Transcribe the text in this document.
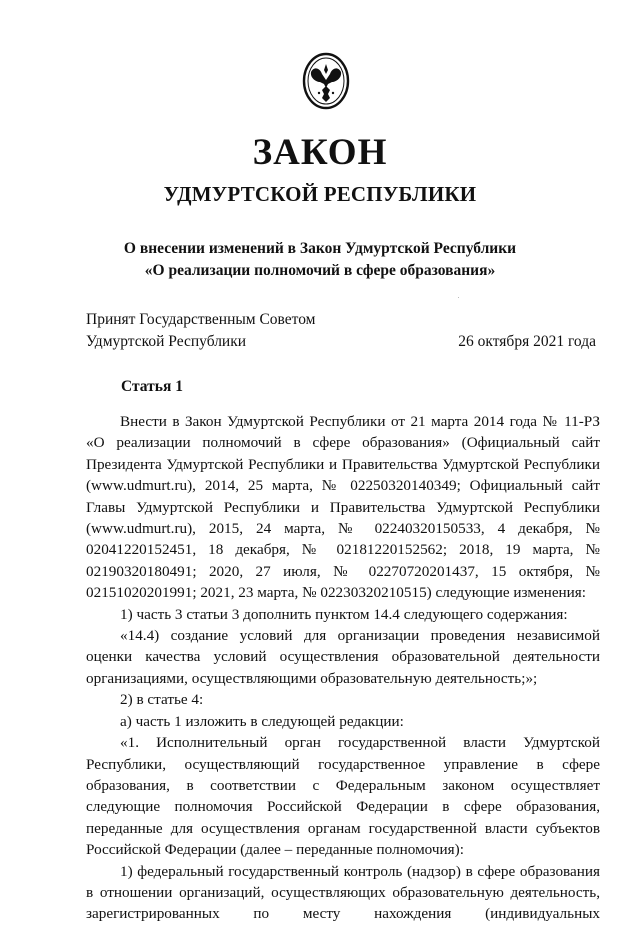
ЗАКОН
УДМУРТСКОЙ РЕСПУБЛИКИ
О внесении изменений в Закон Удмуртской Республики
«О реализации полномочий в сфере образования»
Принят Государственным Советом
Удмуртской Республики	26 октября 2021 года
Статья 1

Внести в Закон Удмуртской Республики от 21 марта 2014 года № 11-РЗ «О реализации полномочий в сфере образования» (Официальный сайт Президента Удмуртской Республики и Правительства Удмуртской Республики (www.udmurt.ru), 2014, 25 марта, № 02250320140349; Официальный сайт Главы Удмуртской Республики и Правительства Удмуртской Республики (www.udmurt.ru), 2015, 24 марта, № 02240320150533, 4 декабря, № 02041220152451, 18 декабря, № 02181220152562; 2018, 19 марта, № 02190320180491; 2020, 27 июля, № 02270720201437, 15 октября, № 02151020201991; 2021, 23 марта, № 02230320210515) следующие изменения:

1) часть 3 статьи 3 дополнить пунктом 14.4 следующего содержания:

«14.4) создание условий для организации проведения независимой оценки качества условий осуществления образовательной деятельности организациями, осуществляющими образовательную деятельность;»;

2) в статье 4:

а) часть 1 изложить в следующей редакции:

«1. Исполнительный орган государственной власти Удмуртской Республики, осуществляющий государственное управление в сфере образования, в соответствии с Федеральным законом осуществляет следующие полномочия Российской Федерации в сфере образования, переданные для осуществления органам государственной власти субъектов Российской Федерации (далее – переданные полномочия):

1) федеральный государственный контроль (надзор) в сфере образования в отношении организаций, осуществляющих образовательную деятельность, зарегистрированных по месту нахождения (индивидуальных
